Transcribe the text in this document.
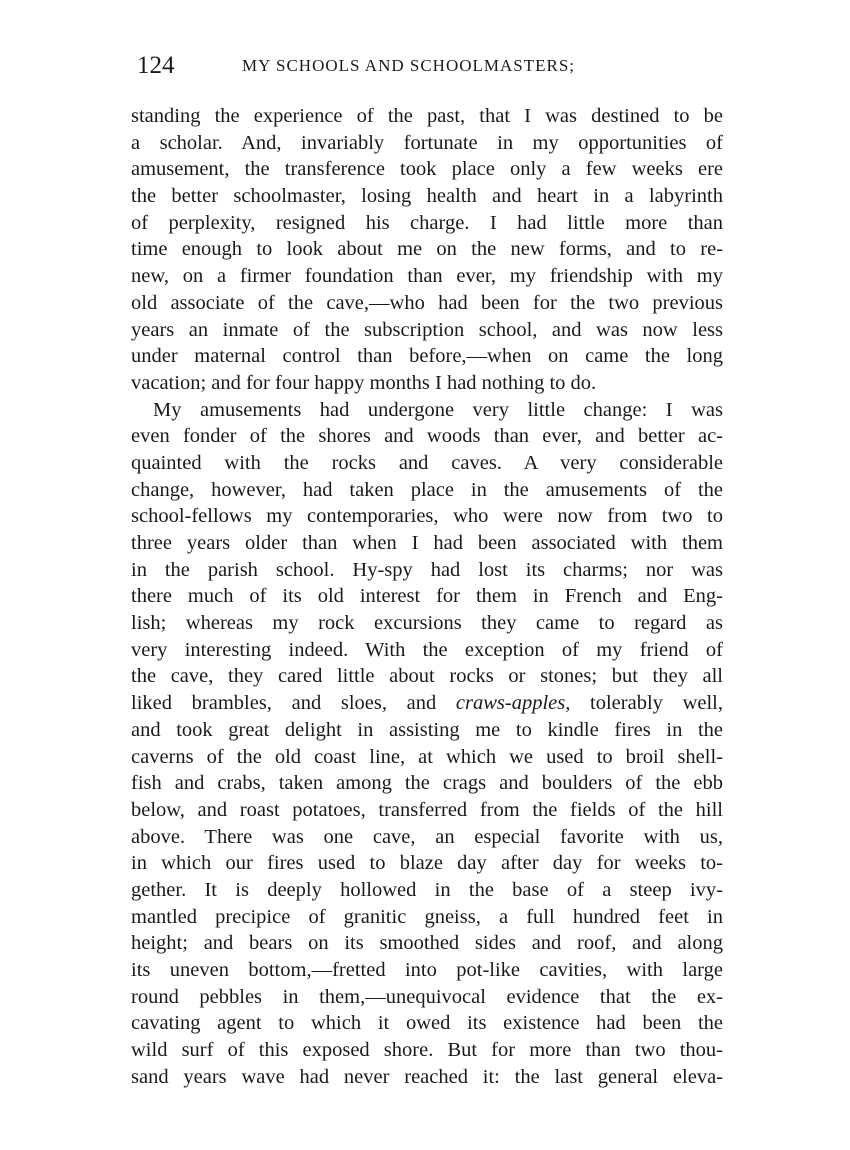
124	MY SCHOOLS AND SCHOOLMASTERS;
standing the experience of the past, that I was destined to be
a scholar. And, invariably fortunate in my opportunities of
amusement, the transference took place only a few weeks ere
the better schoolmaster, losing health and heart in a labyrinth
of perplexity, resigned his charge. I had little more than
time enough to look about me on the new forms, and to re-
new, on a firmer foundation than ever, my friendship with my
old associate of the cave,—who had been for the two previous
years an inmate of the subscription school, and was now less
under maternal control than before,—when on came the long
vacation; and for four happy months I had nothing to do.
My amusements had undergone very little change: I was
even fonder of the shores and woods than ever, and better ac-
quainted with the rocks and caves. A very considerable
change, however, had taken place in the amusements of the
school-fellows my contemporaries, who were now from two to
three years older than when I had been associated with them
in the parish school. Hy-spy had lost its charms; nor was
there much of its old interest for them in French and Eng-
lish; whereas my rock excursions they came to regard as
very interesting indeed. With the exception of my friend of
the cave, they cared little about rocks or stones; but they all
liked brambles, and sloes, and craws-apples, tolerably well,
and took great delight in assisting me to kindle fires in the
caverns of the old coast line, at which we used to broil shell-
fish and crabs, taken among the crags and boulders of the ebb
below, and roast potatoes, transferred from the fields of the hill
above. There was one cave, an especial favorite with us,
in which our fires used to blaze day after day for weeks to-
gether. It is deeply hollowed in the base of a steep ivy-
mantled precipice of granitic gneiss, a full hundred feet in
height; and bears on its smoothed sides and roof, and along
its uneven bottom,—fretted into pot-like cavities, with large
round pebbles in them,—unequivocal evidence that the ex-
cavating agent to which it owed its existence had been the
wild surf of this exposed shore. But for more than two thou-
sand years wave had never reached it: the last general eleva-
